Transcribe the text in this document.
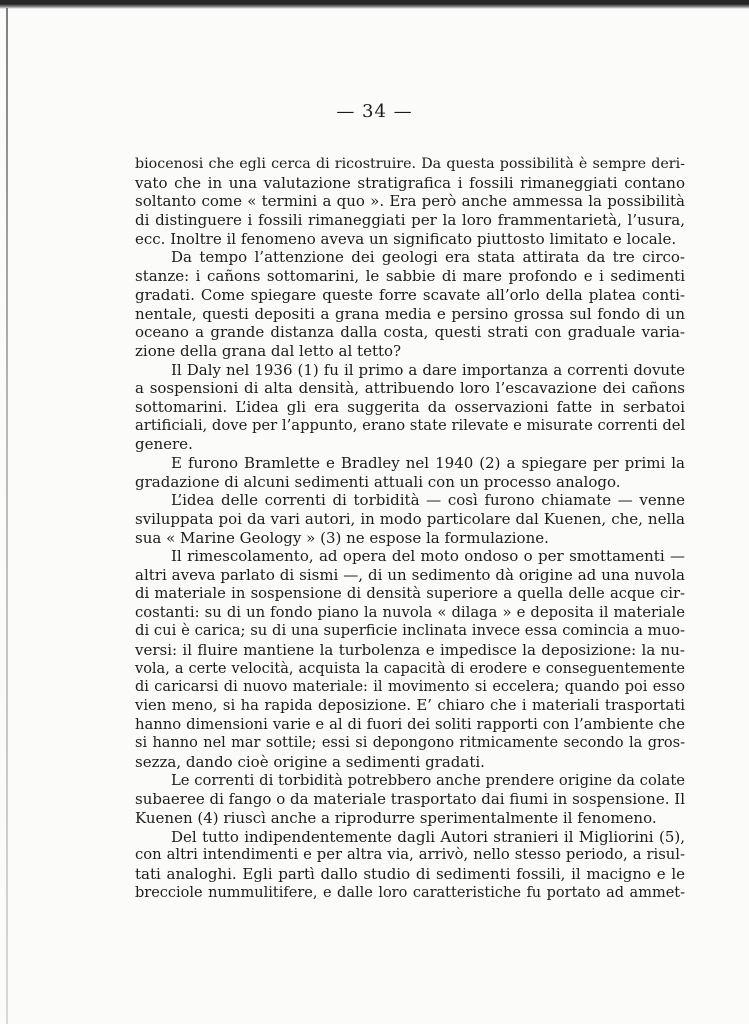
— 34 —
biocenosi che egli cerca di ricostruire. Da questa possibilità è sempre deri-
vato che in una valutazione stratigrafica i fossili rimaneggiati contano
soltanto come « termini a quo ». Era però anche ammessa la possibilità
di distinguere i fossili rimaneggiati per la loro frammentarietà, l’usura,
ecc. Inoltre il fenomeno aveva un significato piuttosto limitato e locale.
Da tempo l’attenzione dei geologi era stata attirata da tre circo-
stanze: i cañons sottomarini, le sabbie di mare profondo e i sedimenti
gradati. Come spiegare queste forre scavate all’orlo della platea conti-
nentale, questi depositi a grana media e persino grossa sul fondo di un
oceano a grande distanza dalla costa, questi strati con graduale varia-
zione della grana dal letto al tetto?
Il Daly nel 1936 (1) fu il primo a dare importanza a correnti dovute
a sospensioni di alta densità, attribuendo loro l’escavazione dei cañons
sottomarini. L’idea gli era suggerita da osservazioni fatte in serbatoi
artificiali, dove per l’appunto, erano state rilevate e misurate correnti del
genere.
E furono Bramlette e Bradley nel 1940 (2) a spiegare per primi la
gradazione di alcuni sedimenti attuali con un processo analogo.
L’idea delle correnti di torbidità — così furono chiamate — venne
sviluppata poi da vari autori, in modo particolare dal Kuenen, che, nella
sua « Marine Geology » (3) ne espose la formulazione.
Il rimescolamento, ad opera del moto ondoso o per smottamenti —
altri aveva parlato di sismi —, di un sedimento dà origine ad una nuvola
di materiale in sospensione di densità superiore a quella delle acque cir-
costanti: su di un fondo piano la nuvola « dilaga » e deposita il materiale
di cui è carica; su di una superficie inclinata invece essa comincia a muo-
versi: il fluire mantiene la turbolenza e impedisce la deposizione: la nu-
vola, a certe velocità, acquista la capacità di erodere e conseguentemente
di caricarsi di nuovo materiale: il movimento si eccelera; quando poi esso
vien meno, si ha rapida deposizione. E’ chiaro che i materiali trasportati
hanno dimensioni varie e al di fuori dei soliti rapporti con l’ambiente che
si hanno nel mar sottile; essi si depongono ritmicamente secondo la gros-
sezza, dando cioè origine a sedimenti gradati.
Le correnti di torbidità potrebbero anche prendere origine da colate
subaeree di fango o da materiale trasportato dai fiumi in sospensione. Il
Kuenen (4) riuscì anche a riprodurre sperimentalmente il fenomeno.
Del tutto indipendentemente dagli Autori stranieri il Migliorini (5),
con altri intendimenti e per altra via, arrivò, nello stesso periodo, a risul-
tati analoghi. Egli partì dallo studio di sedimenti fossili, il macigno e le
brecciole nummulitifere, e dalle loro caratteristiche fu portato ad ammet-
